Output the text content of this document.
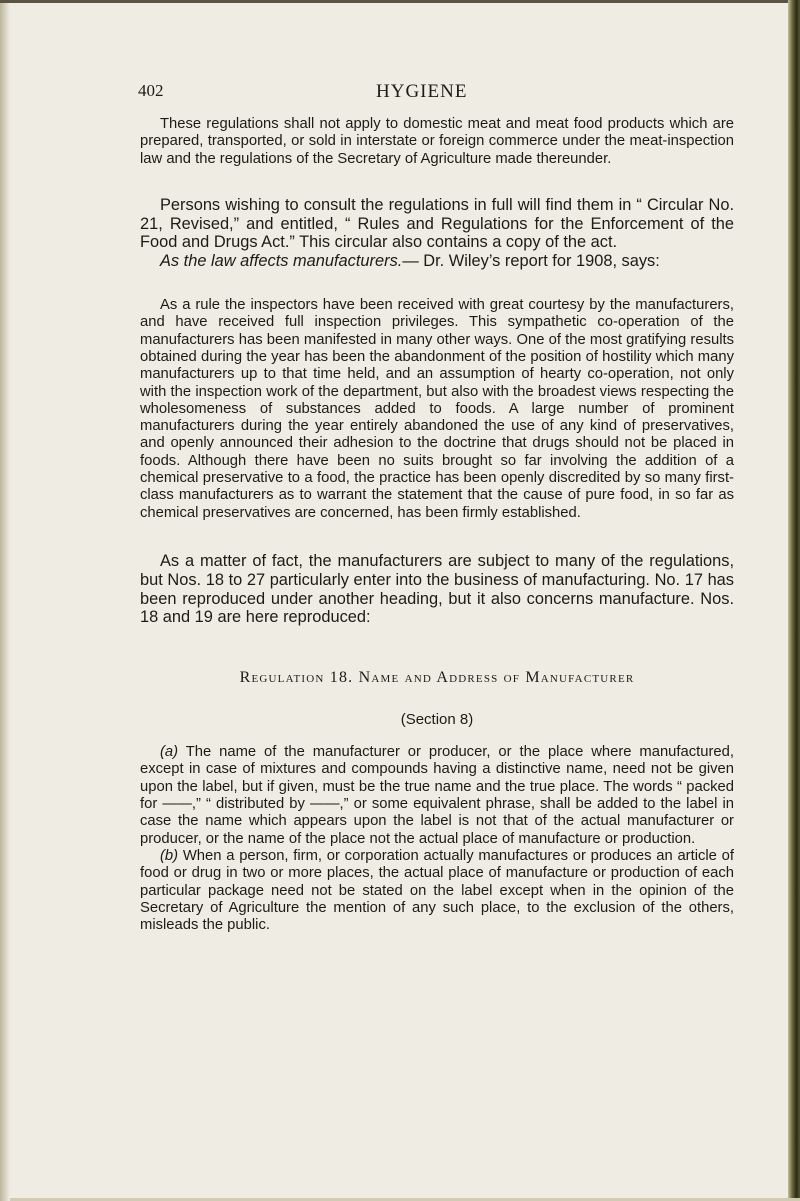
402	HYGIENE

These regulations shall not apply to domestic meat and meat food products which are prepared, transported, or sold in interstate or foreign commerce under the meat-inspection law and the regulations of the Secretary of Agriculture made thereunder.

Persons wishing to consult the regulations in full will find them in “ Circular No. 21, Revised,” and entitled, “ Rules and Regulations for the Enforcement of the Food and Drugs Act.” This circular also contains a copy of the act.

As the law affects manufacturers.— Dr. Wiley’s report for 1908, says:

As a rule the inspectors have been received with great courtesy by the manufacturers, and have received full inspection privileges. This sympathetic co-operation of the manufacturers has been manifested in many other ways. One of the most gratifying results obtained during the year has been the abandonment of the position of hostility which many manufacturers up to that time held, and an assumption of hearty co-operation, not only with the inspection work of the department, but also with the broadest views respecting the wholesomeness of substances added to foods. A large number of prominent manufacturers during the year entirely abandoned the use of any kind of preservatives, and openly announced their adhesion to the doctrine that drugs should not be placed in foods. Although there have been no suits brought so far involving the addition of a chemical preservative to a food, the practice has been openly discredited by so many first-class manufacturers as to warrant the statement that the cause of pure food, in so far as chemical preservatives are concerned, has been firmly established.

As a matter of fact, the manufacturers are subject to many of the regulations, but Nos. 18 to 27 particularly enter into the business of manufacturing. No. 17 has been reproduced under another heading, but it also concerns manufacture. Nos. 18 and 19 are here reproduced:

Regulation 18. Name and Address of Manufacturer

(Section 8)

(a) The name of the manufacturer or producer, or the place where manufactured, except in case of mixtures and compounds having a distinctive name, need not be given upon the label, but if given, must be the true name and the true place. The words “ packed for ——,” “ distributed by ——,” or some equivalent phrase, shall be added to the label in case the name which appears upon the label is not that of the actual manufacturer or producer, or the name of the place not the actual place of manufacture or production.

(b) When a person, firm, or corporation actually manufactures or produces an article of food or drug in two or more places, the actual place of manufacture or production of each particular package need not be stated on the label except when in the opinion of the Secretary of Agriculture the mention of any such place, to the exclusion of the others, misleads the public.
